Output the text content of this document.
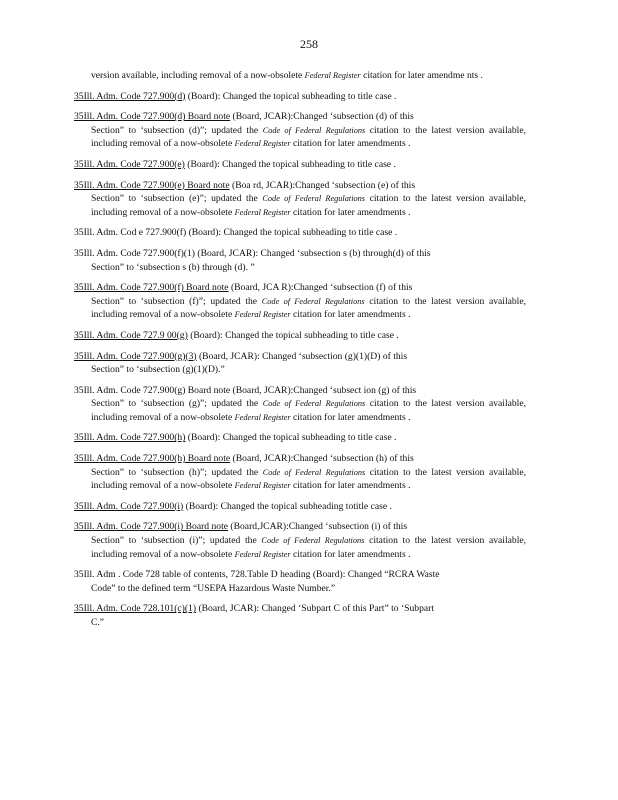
258
version available, including removal of a now-obsolete Federal Register citation for later amendme nts .
35Ill. Adm. Code 727.900(d) (Board): Changed the topical subheading to title case .
35Ill. Adm. Code 727.900(d) Board note (Board, JCAR):Changed ‘subsection (d) of this
Section” to ‘subsection (d)”; updated the Code of Federal Regulations citation to the latest version available, including removal of a now-obsolete Federal Register citation for later amendments .
35Ill. Adm. Code 727.900(e) (Board): Changed the topical subheading to title case .
35Ill. Adm. Code 727.900(e) Board note (Boa rd, JCAR):Changed ‘subsection (e) of this
Section” to ‘subsection (e)”; updated the Code of Federal Regulations citation to the latest version available, including removal of a now-obsolete Federal Register citation for later amendments .
35Ill. Adm. Cod e 727.900(f) (Board): Changed the topical subheading to title case .
35Ill. Adm. Code 727.900(f)(1) (Board, JCAR): Changed ‘subsection s (b) through(d) of this
Section” to ‘subsection s (b) through (d). ”
35Ill. Adm. Code 727.900(f) Board note (Board, JCA R):Changed ‘subsection (f) of this
Section” to ‘subsection (f)”; updated the Code of Federal Regulations citation to the latest version available, including removal of a now-obsolete Federal Register citation for later amendments .
35Ill. Adm. Code 727.9 00(g) (Board): Changed the topical subheading to title case .
35Ill. Adm. Code 727.900(g)(3) (Board, JCAR): Changed ‘subsection (g)(1)(D) of this
Section” to ‘subsection (g)(1)(D).”
35Ill. Adm. Code 727.900(g) Board note (Board, JCAR):Changed ‘subsect ion (g) of this
Section” to ‘subsection (g)”; updated the Code of Federal Regulations citation to the latest version available, including removal of a now-obsolete Federal Register citation for later amendments .
35Ill. Adm. Code 727.900(h) (Board): Changed the topical subheading to title case .
35Ill. Adm. Code 727.900(h) Board note (Board, JCAR):Changed ‘subsection (h) of this
Section” to ‘subsection (h)”; updated the Code of Federal Regulations citation to the latest version available, including removal of a now-obsolete Federal Register citation for later amendments .
35Ill. Adm. Code 727.900(i) (Board): Changed the topical subheading totitle case .
35Ill. Adm. Code 727.900(i) Board note (Board,JCAR):Changed ‘subsection (i) of this
Section” to ‘subsection (i)”; updated the Code of Federal Regulations citation to the latest version available, including removal of a now-obsolete Federal Register citation for later amendments .
35Ill. Adm . Code 728 table of contents, 728.Table D heading (Board): Changed “RCRA Waste
Code” to the defined term “USEPA Hazardous Waste Number.”
35Ill. Adm. Code 728.101(c)(1) (Board, JCAR): Changed ‘Subpart C of this Part” to ‘Subpart
C.”
